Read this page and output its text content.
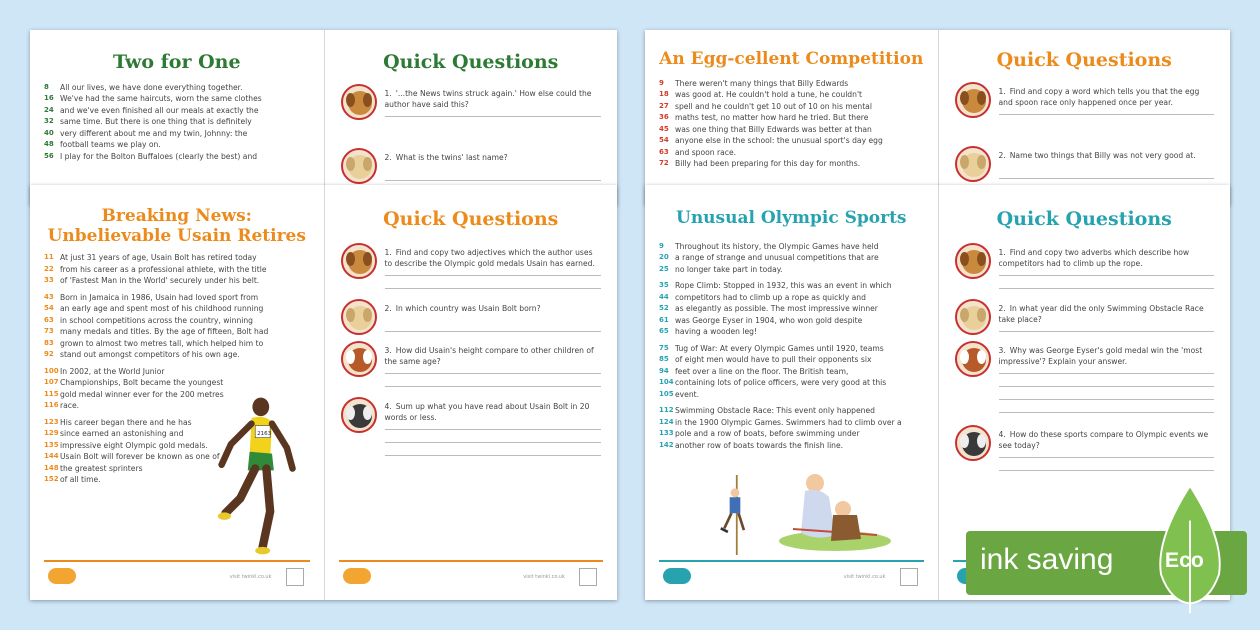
Two for One
8 All our lives, we have done everything together.
16 We've had the same haircuts, worn the same clothes
24 and we've even finished all our meals at exactly the
32 same time. But there is one thing that is definitely
40 very different about me and my twin, Johnny: the
48 football teams we play on.
56 I play for the Bolton Buffaloes (clearly the best) and
Quick Questions
1. '...the News twins struck again.' How else could the author have said this?
2. What is the twins' last name?
An Egg-cellent Competition
9 There weren't many things that Billy Edwards
18 was good at. He couldn't hold a tune, he couldn't
27 spell and he couldn't get 10 out of 10 on his mental
36 maths test, no matter how hard he tried. But there
45 was one thing that Billy Edwards was better at than
54 anyone else in the school: the unusual sport's day egg
63 and spoon race.
72 Billy had been preparing for this day for months.
Quick Questions
1. Find and copy a word which tells you that the egg and spoon race only happened once per year.
2. Name two things that Billy was not very good at.
Breaking News:
Unbelievable Usain Retires
11 At just 31 years of age, Usain Bolt has retired today
22 from his career as a professional athlete, with the title
33 of 'Fastest Man in the World' securely under his belt.
43 Born in Jamaica in 1986, Usain had loved sport from
54 an early age and spent most of his childhood running
63 in school competitions across the country, winning
73 many medals and titles. By the age of fifteen, Bolt had
83 grown to almost two metres tall, which helped him to
92 stand out amongst competitors of his own age.
100 In 2002, at the World Junior
107 Championships, Bolt became the youngest
115 gold medal winner ever for the 200 metres
116 race.
123 His career began there and he has
129 since earned an astonishing and
135 impressive eight Olympic gold medals.
144 Usain Bolt will forever be known as one of
148 the greatest sprinters
152 of all time.
2163
visit twinkl.co.uk
Quick Questions
1. Find and copy two adjectives which the author uses to describe the Olympic gold medals Usain has earned.
2. In which country was Usain Bolt born?
3. How did Usain's height compare to other children of the same age?
4. Sum up what you have read about Usain Bolt in 20 words or less.
visit twinkl.co.uk
Unusual Olympic Sports
9 Throughout its history, the Olympic Games have held
20 a range of strange and unusual competitions that are
25 no longer take part in today.
35 Rope Climb: Stopped in 1932, this was an event in which
44 competitors had to climb up a rope as quickly and
52 as elegantly as possible. The most impressive winner
61 was George Eyser in 1904, who won gold despite
65 having a wooden leg!
75 Tug of War: At every Olympic Games until 1920, teams
85 of eight men would have to pull their opponents six
94 feet over a line on the floor. The British team,
104 containing lots of police officers, were very good at this
105 event.
112 Swimming Obstacle Race: This event only happened
124 in the 1900 Olympic Games. Swimmers had to climb over a
133 pole and a row of boats, before swimming under
142 another row of boats towards the finish line.
visit twinkl.co.uk
Quick Questions
1. Find and copy two adverbs which describe how competitors had to climb up the rope.
2. In what year did the only Swimming Obstacle Race take place?
3. Why was George Eyser's gold medal win the 'most impressive'? Explain your answer.
4. How do these sports compare to Olympic events we see today?
ink saving Eco
